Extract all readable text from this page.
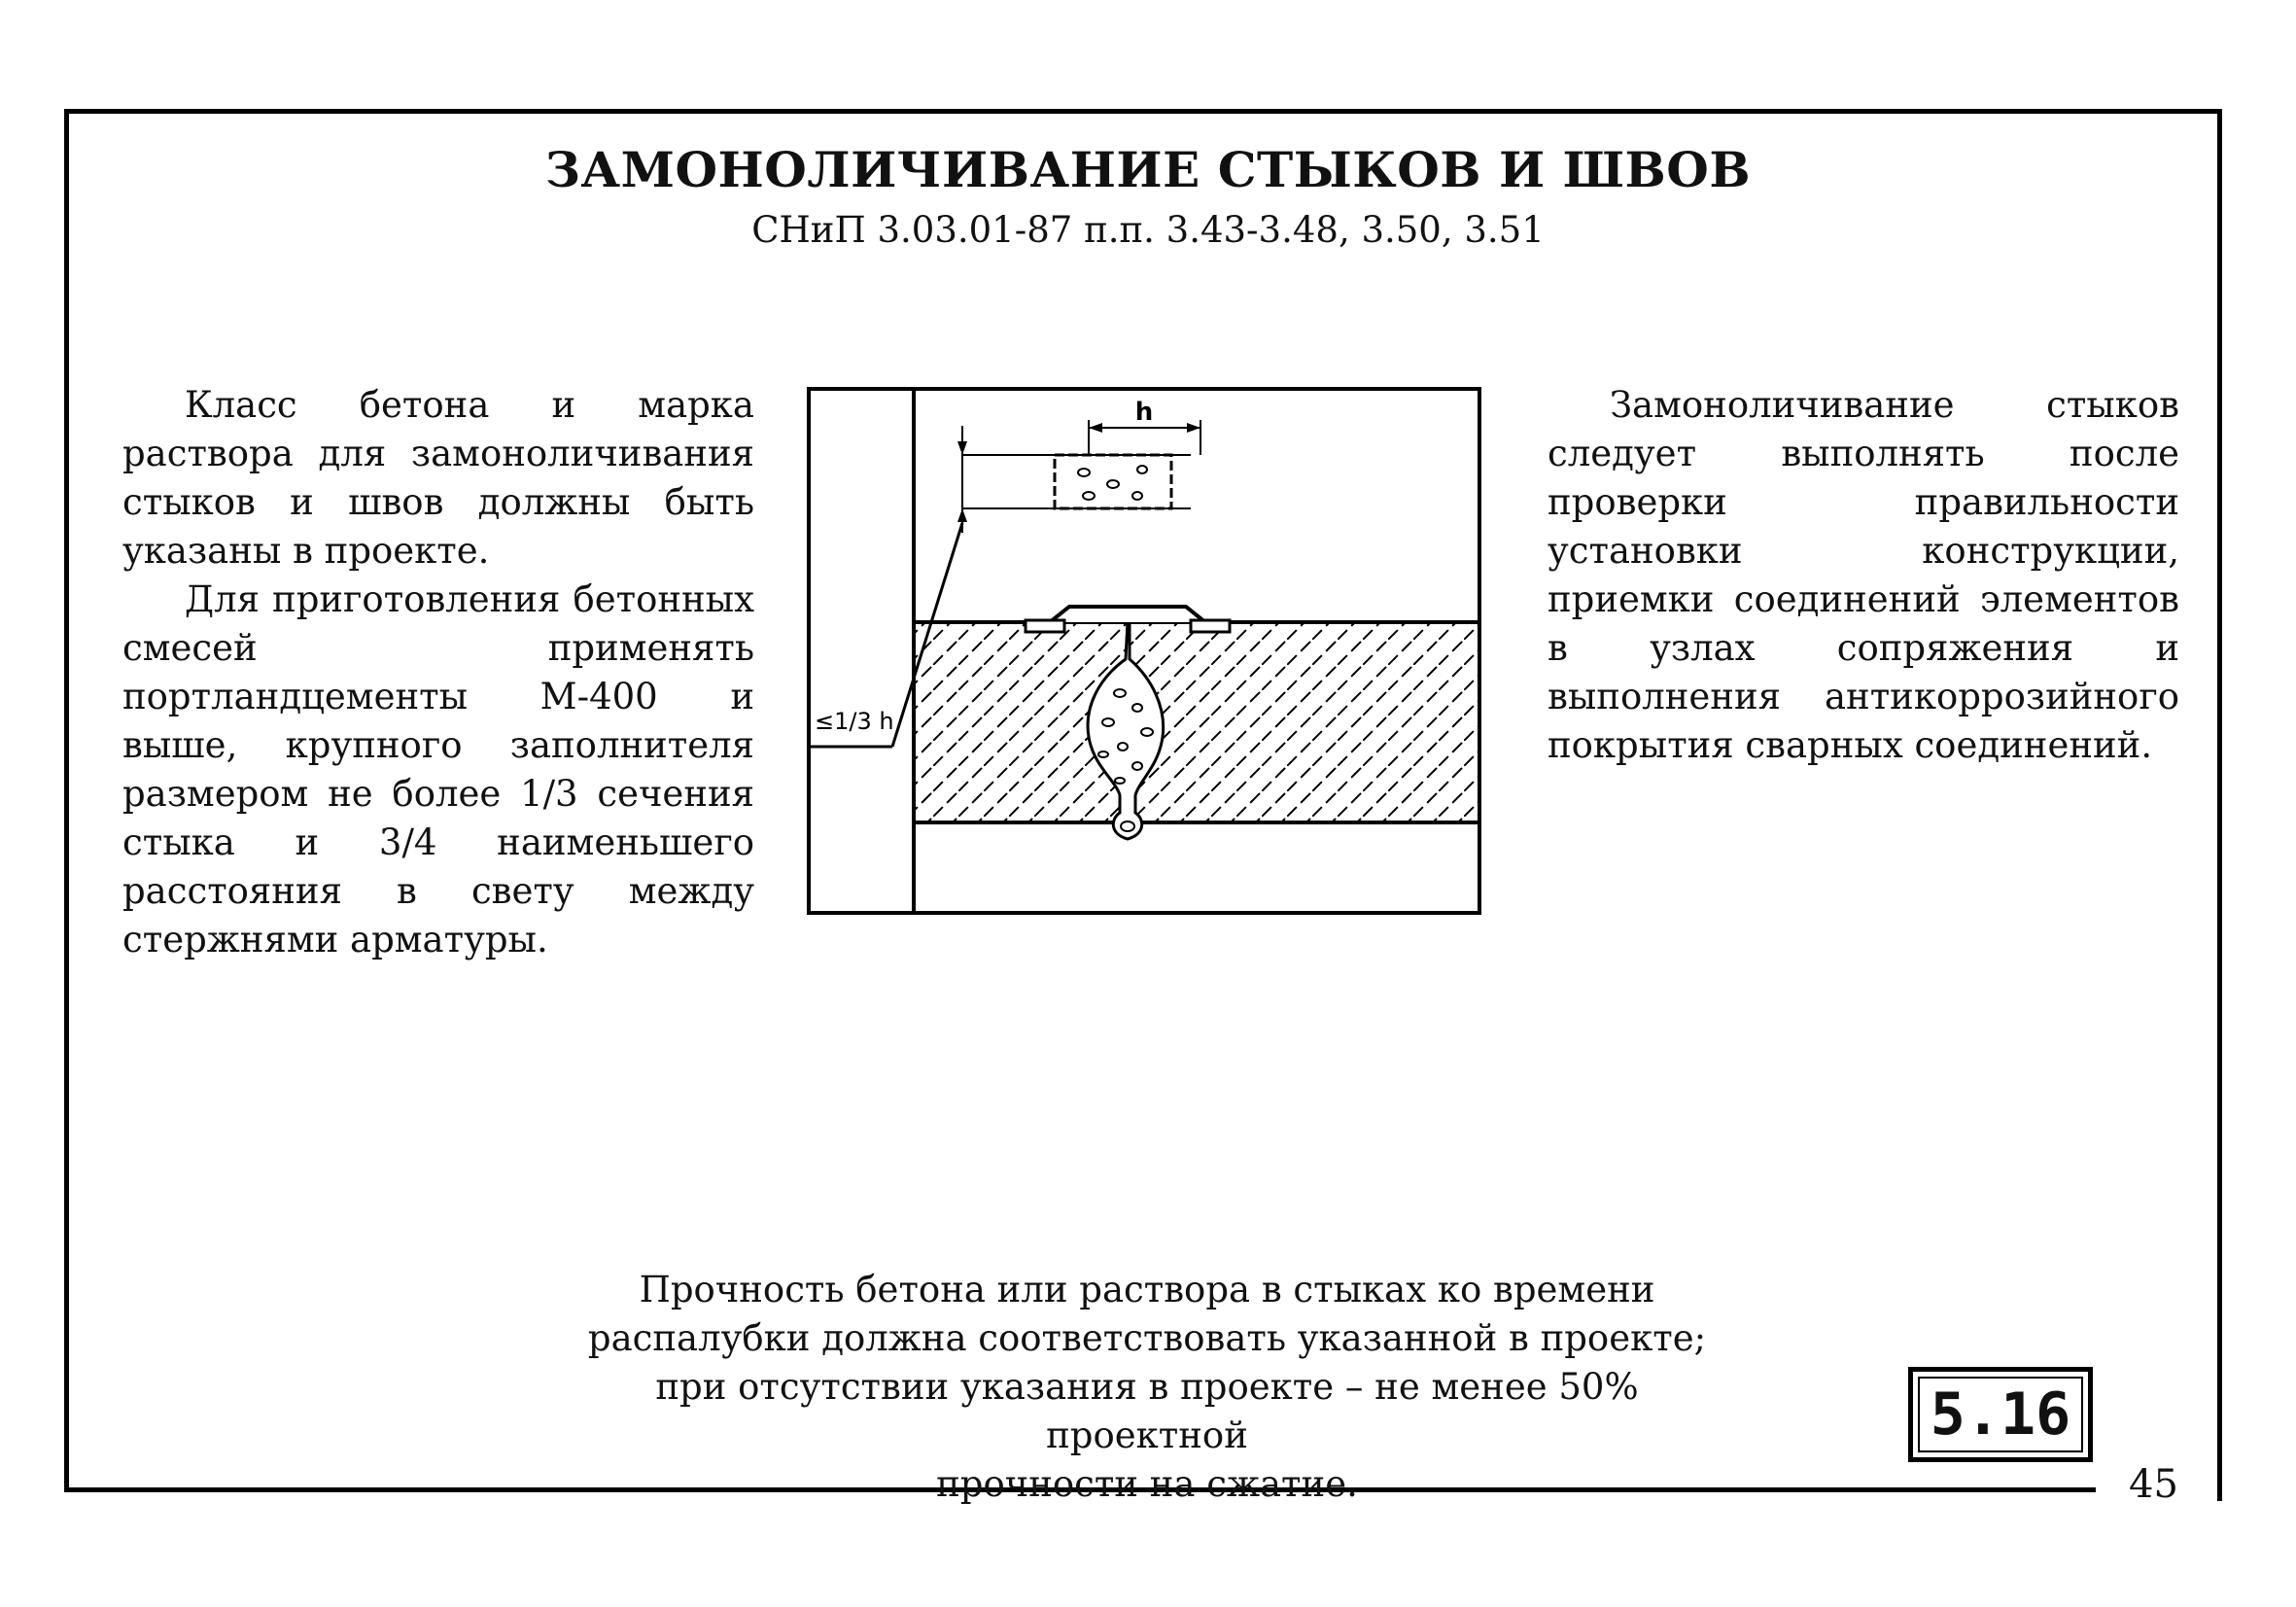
ЗАМОНОЛИЧИВАНИЕ СТЫКОВ И ШВОВ
СНиП 3.03.01-87 п.п. 3.43-3.48, 3.50, 3.51

Класс бетона и марка раствора для замоноличивания стыков и швов должны быть указаны в проекте.

Для приготовления бетонных смесей применять портландцементы М-400 и выше, крупного заполнителя размером не более 1/3 сечения стыка и 3/4 наименьшего расстояния в свету между стержнями арматуры.

Замоноличивание стыков следует выполнять после проверки правильности установки конструкции, приемки соединений элементов в узлах сопряжения и выполнения антикоррозийного покрытия сварных соединений.

h
≤1/3 h
Прочность бетона или раствора в стыках ко времени
распалубки должна соответствовать указанной в проекте;
при отсутствии указания в проекте – не менее 50% проектной
прочности на сжатие.
5.16
45
